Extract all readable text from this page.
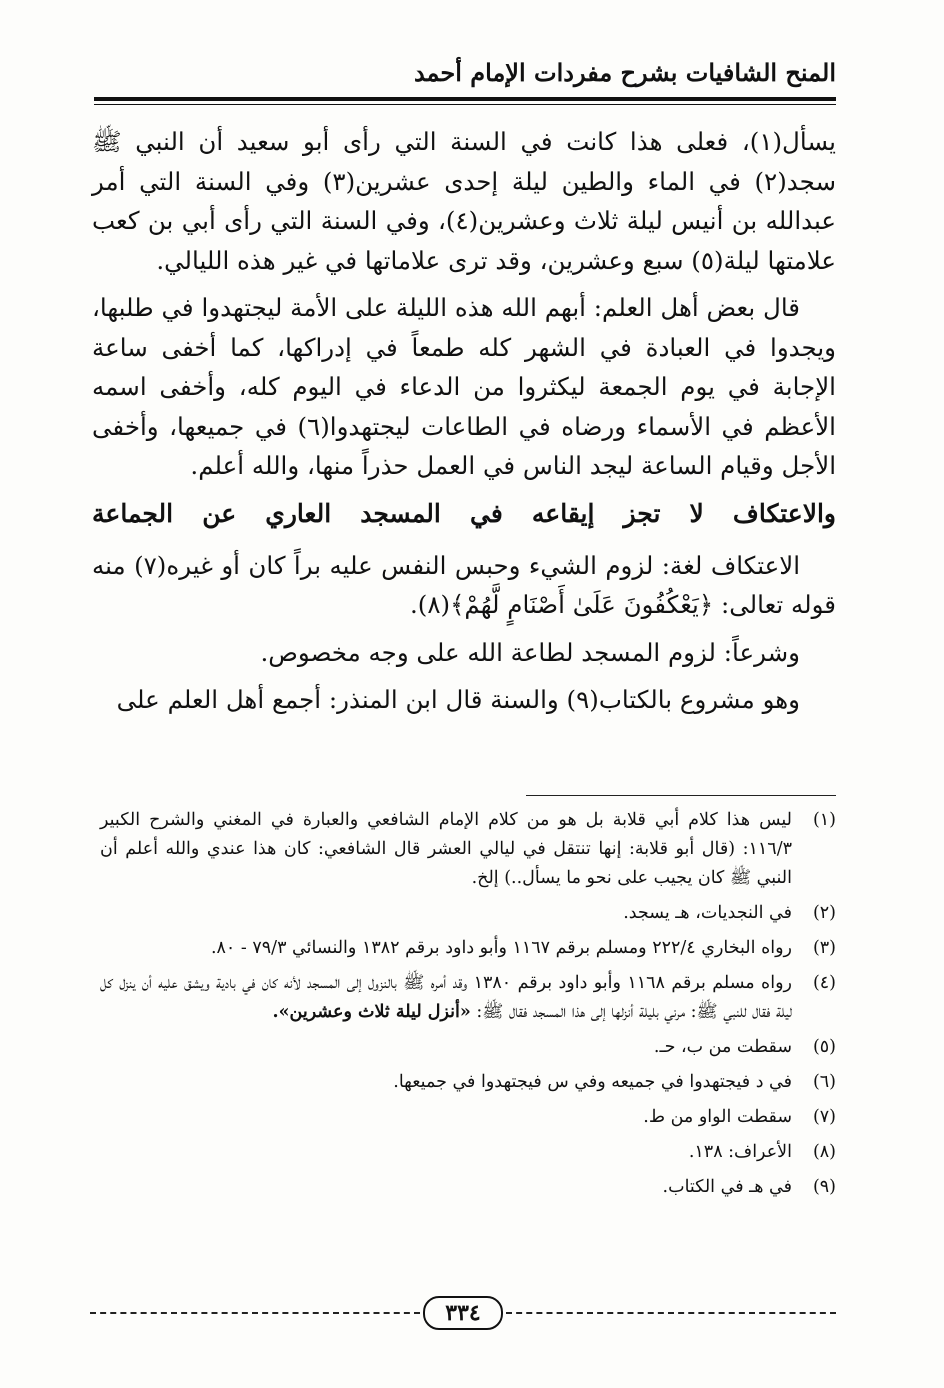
المنح الشافيات بشرح مفردات الإمام أحمد

يسأل(١)، فعلى هذا كانت في السنة التي رأى أبو سعيد أن النبي ﷺ سجد(٢) في الماء والطين ليلة إحدى عشرين(٣) وفي السنة التي أمر عبدالله بن أنيس ليلة ثلاث وعشرين(٤)، وفي السنة التي رأى أبي بن كعب علامتها ليلة(٥) سبع وعشرين، وقد ترى علاماتها في غير هذه الليالي.

قال بعض أهل العلم: أبهم الله هذه الليلة على الأمة ليجتهدوا في طلبها، ويجدوا في العبادة في الشهر كله طمعاً في إدراكها، كما أخفى ساعة الإجابة في يوم الجمعة ليكثروا من الدعاء في اليوم كله، وأخفى اسمه الأعظم في الأسماء ورضاه في الطاعات ليجتهدوا(٦) في جميعها، وأخفى الأجل وقيام الساعة ليجد الناس في العمل حذراً منها، والله أعلم.

والاعتكاف لا تجز إيقاعه في المسجد العاري عن الجماعة

الاعتكاف لغة: لزوم الشيء وحبس النفس عليه براً كان أو غيره(٧) منه قوله تعالى: ﴿يَعْكُفُونَ عَلَىٰ أَصْنَامٍ لَّهُمْ﴾(٨).

وشرعاً: لزوم المسجد لطاعة الله على وجه مخصوص.

وهو مشروع بالكتاب(٩) والسنة قال ابن المنذر: أجمع أهل العلم على

(١)
ليس هذا كلام أبي قلابة بل هو من كلام الإمام الشافعي والعبارة في المغني والشرح الكبير ١١٦/٣: (قال أبو قلابة: إنها تنتقل في ليالي العشر قال الشافعي: كان هذا عندي والله أعلم أن النبي ﷺ كان يجيب على نحو ما يسأل..) إلخ.
(٢)
في النجديات، هـ يسجد.
(٣)
رواه البخاري ٢٢٢/٤ ومسلم برقم ١١٦٧ وأبو داود برقم ١٣٨٢ والنسائي ٧٩/٣ - ٨٠.
(٤)
رواه مسلم برقم ١١٦٨ وأبو داود برقم ١٣٨٠ وقد أمره ﷺ بالنزول إلى المسجد لأنه كان في بادية ويشق عليه أن ينزل كل ليلة فقال للنبي ﷺ: مرني بليلة أنزلها إلى هذا المسجد فقال ﷺ: «أنزل ليلة ثلاث وعشرين».
(٥)
سقطت من ب، حـ.
(٦)
في د فيجتهدوا في جميعه وفي س فيجتهدوا في جميعها.
(٧)
سقطت الواو من ط.
(٨)
الأعراف: ١٣٨.
(٩)
في هـ في الكتاب.
٣٣٤
